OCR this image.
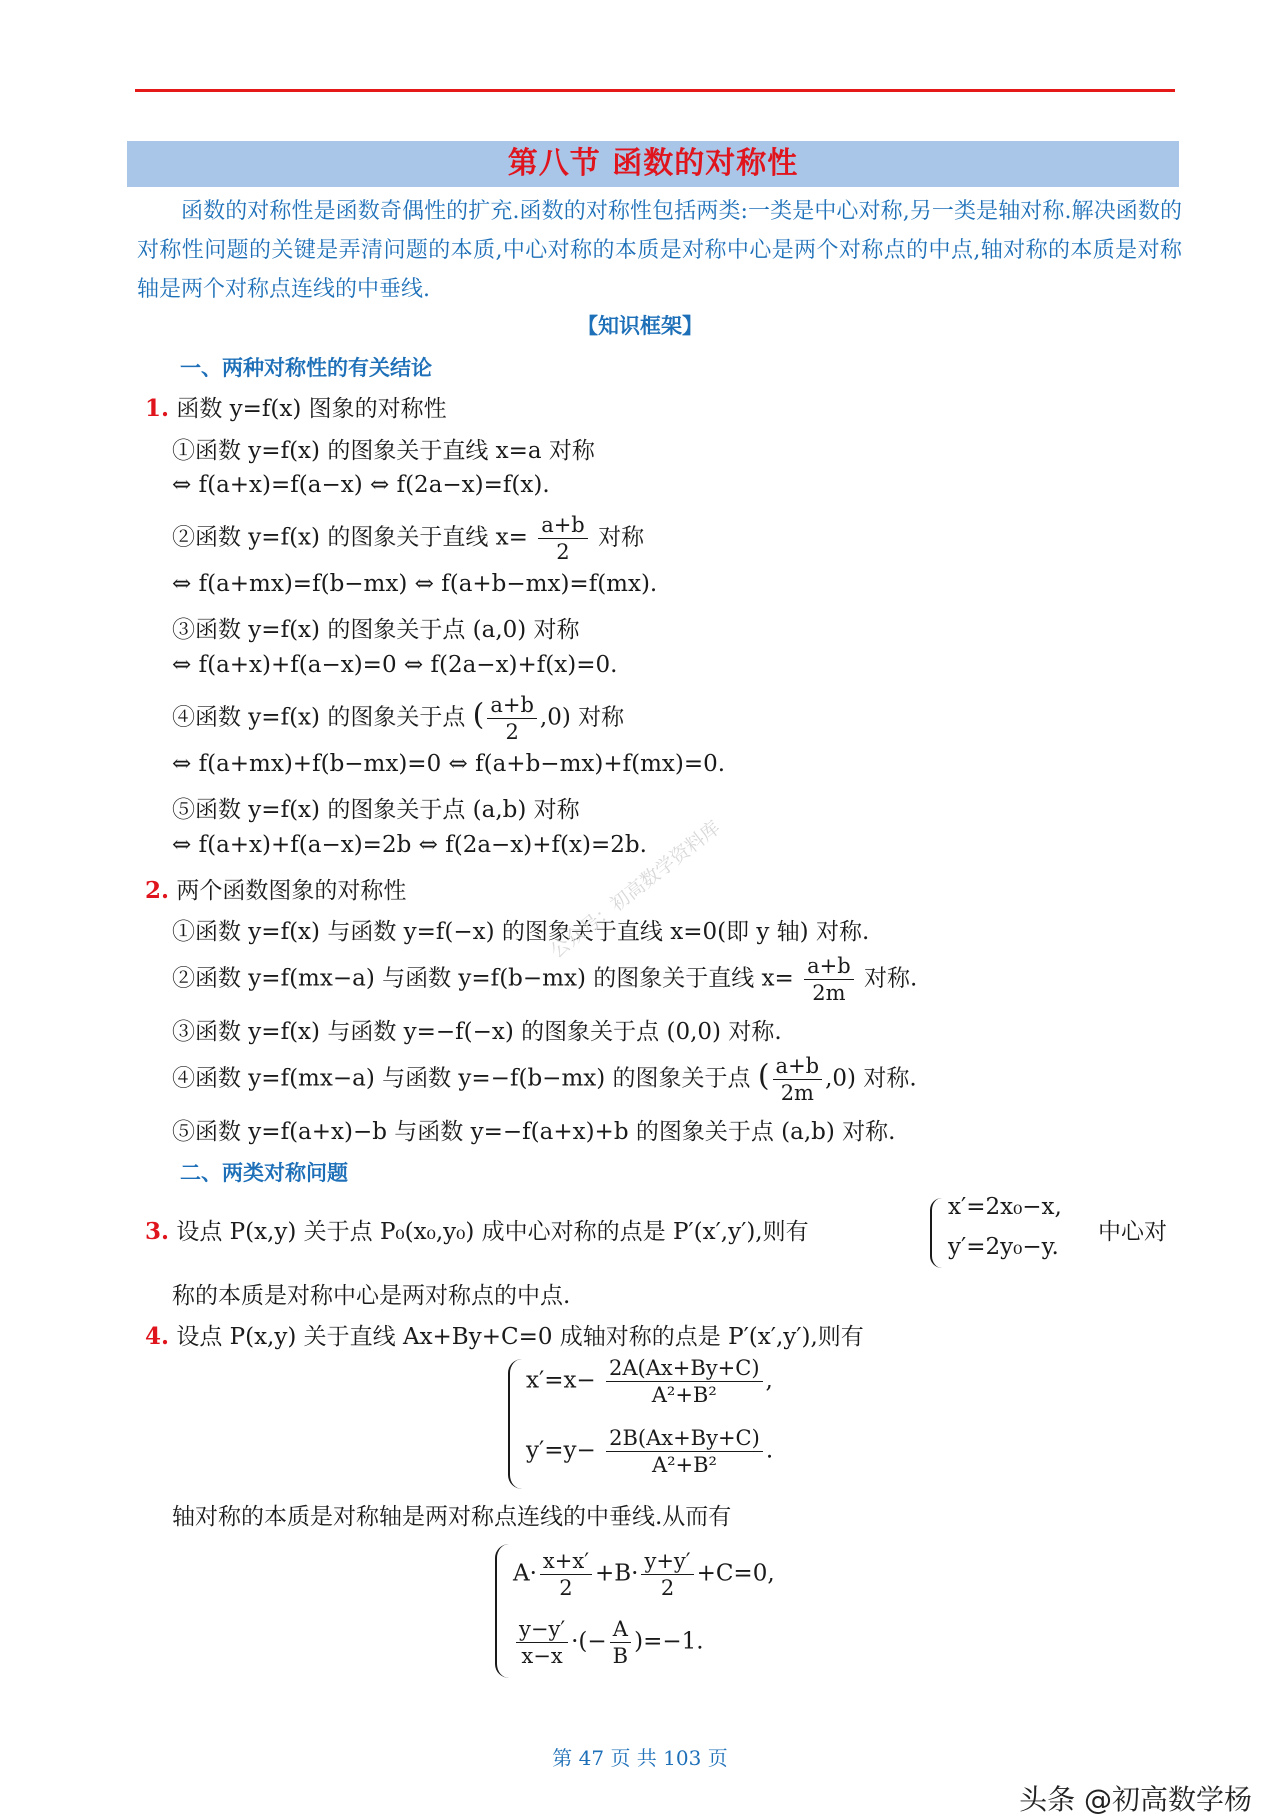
第八节 函数的对称性

函数的对称性是函数奇偶性的扩充.函数的对称性包括两类:一类是中心对称,另一类是轴对称.解决函数的对称性问题的关键是弄清问题的本质,中心对称的本质是对称中心是两个对称点的中点,轴对称的本质是对称轴是两个对称点连线的中垂线.

【知识框架】
一、两种对称性的有关结论
1. 函数 y=f(x) 图象的对称性
①函数 y=f(x) 的图象关于直线 x=a 对称
⇔ f(a+x)=f(a−x) ⇔ f(2a−x)=f(x).
②函数 y=f(x) 的图象关于直线 $x= \frac{a+b}{2}$ 对称
⇔ f(a+mx)=f(b−mx) ⇔ f(a+b−mx)=f(mx).
③函数 y=f(x) 的图象关于点 (a,0) 对称
⇔ f(a+x)+f(a−x)=0 ⇔ f(2a−x)+f(x)=0.
④函数 y=f(x) 的图象关于点 ( $\frac{a+b}{2} ,0$) 对称
⇔ f(a+mx)+f(b−mx)=0 ⇔ f(a+b−mx)+f(mx)=0.
⑤函数 y=f(x) 的图象关于点 (a,b) 对称
⇔ f(a+x)+f(a−x)=2b ⇔ f(2a−x)+f(x)=2b.
2. 两个函数图象的对称性
①函数 y=f(x) 与函数 y=f(−x) 的图象关于直线 x=0(即 y 轴) 对称.
②函数 y=f(mx−a) 与函数 y=f(b−mx) 的图象关于直线 $x= \frac{a+b}{2m}$ 对称.
③函数 y=f(x) 与函数 y=−f(−x) 的图象关于点 (0,0) 对称.
④函数 y=f(mx−a) 与函数 y=−f(b−mx) 的图象关于点 ( $\frac{a+b}{2m} ,0$) 对称.
⑤函数 y=f(a+x)−b 与函数 y=−f(a+x)+b 的图象关于点 (a,b) 对称.
二、两类对称问题
3. 设点 P(x,y) 关于点 P₀(x₀,y₀) 成中心对称的点是 P′(x′,y′),则有
x′=2x₀−x,
y′=2y₀−y.
中心对
称的本质是对称中心是两对称点的中点.
4. 设点 P(x,y) 关于直线 Ax+By+C=0 成轴对称的点是 P′(x′,y′),则有
$x'=x- \frac{2A(Ax+By+C)}{\text{A²+B²}}$ ,
$y'=y- \frac{2B(Ax+By+C)}{\text{A²+B²}}$ .
轴对称的本质是对称轴是两对称点连线的中垂线.从而有
$A\cdot \frac{x+x'}{2} +B\cdot \frac{y+y'}{2} +C=0$,
$\frac{y-y'}{x-x}$ ·(− $\frac{A}{B} )=-1$.
公众号：初高数学资料库
第 47 页 共 103 页
头条 @初高数学杨
